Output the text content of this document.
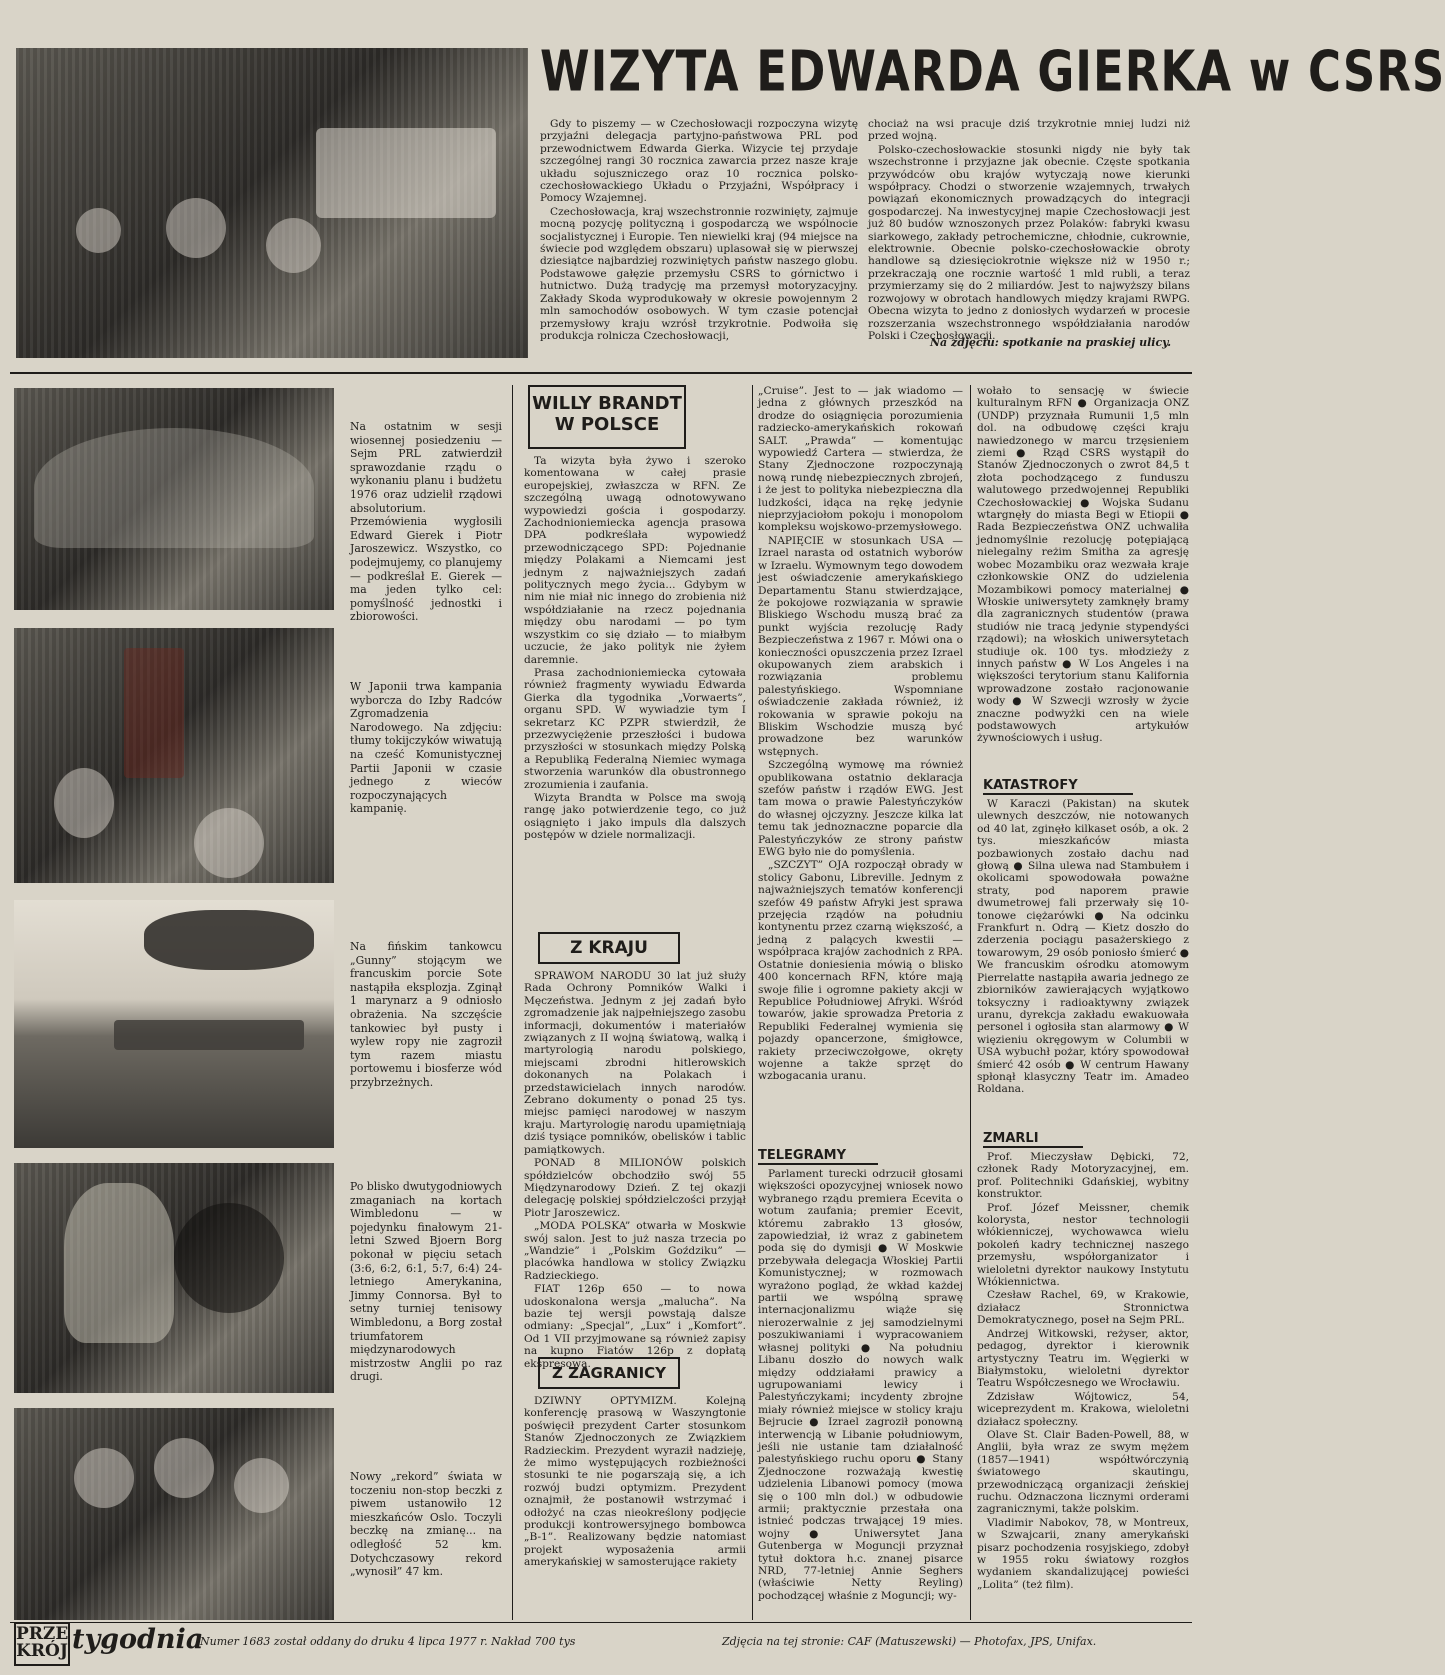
WIZYTA EDWARDA GIERKA w CSRS

Gdy to piszemy — w Czechosłowacji rozpoczyna wizytę przyjaźni delegacja partyjno-państwowa PRL pod przewodnictwem Edwarda Gierka. Wizycie tej przydaje szczególnej rangi 30 rocznica zawarcia przez nasze kraje układu sojuszniczego oraz 10 rocznica polsko-czechosłowackiego Układu o Przyjaźni, Współpracy i Pomocy Wzajemnej.

Czechosłowacja, kraj wszechstronnie rozwinięty, zajmuje mocną pozycję polityczną i gospodarczą we wspólnocie socjalistycznej i Europie. Ten niewielki kraj (94 miejsce na świecie pod względem obszaru) uplasował się w pierwszej dziesiątce najbardziej rozwiniętych państw naszego globu. Podstawowe gałęzie przemysłu CSRS to górnictwo i hutnictwo. Dużą tradycję ma przemysł motoryzacyjny. Zakłady Skoda wyprodukowały w okresie powojennym 2 mln samochodów osobowych. W tym czasie potencjał przemysłowy kraju wzrósł trzykrotnie. Podwoiła się produkcja rolnicza Czechosłowacji,

chociaż na wsi pracuje dziś trzykrotnie mniej ludzi niż przed wojną.

Polsko-czechosłowackie stosunki nigdy nie były tak wszechstronne i przyjazne jak obecnie. Częste spotkania przywódców obu krajów wytyczają nowe kierunki współpracy. Chodzi o stworzenie wzajemnych, trwałych powiązań ekonomicznych prowadzących do integracji gospodarczej. Na inwestycyjnej mapie Czechosłowacji jest już 80 budów wznoszonych przez Polaków: fabryki kwasu siarkowego, zakłady petrochemiczne, chłodnie, cukrownie, elektrownie. Obecnie polsko-czechosłowackie obroty handlowe są dziesięciokrotnie większe niż w 1950 r.; przekraczają one rocznie wartość 1 mld rubli, a teraz przymierzamy się do 2 miliardów. Jest to najwyższy bilans rozwojowy w obrotach handlowych między krajami RWPG. Obecna wizyta to jedno z doniosłych wydarzeń w procesie rozszerzania wszechstronnego współdziałania narodów Polski i Czechosłowacji.

Na zdjęciu: spotkanie na praskiej ulicy.
Na ostatnim w sesji wiosennej posiedzeniu — Sejm PRL zatwierdził sprawozdanie rządu o wykonaniu planu i budżetu 1976 oraz udzielił rządowi absolutorium. Przemówienia wygłosili Edward Gierek i Piotr Jaroszewicz. Wszystko, co podejmujemy, co planujemy — podkreślał E. Gierek — ma jeden tylko cel: pomyślność jednostki i zbiorowości.
W Japonii trwa kampania wyborcza do Izby Radców Zgromadzenia Narodowego. Na zdjęciu: tłumy tokijczyków wiwatują na cześć Komunistycznej Partii Japonii w czasie jednego z wieców rozpoczynających kampanię.
Na fińskim tankowcu „Gunny” stojącym we francuskim porcie Sote nastąpiła eksplozja. Zginął 1 marynarz a 9 odniosło obrażenia. Na szczęście tankowiec był pusty i wylew ropy nie zagroził tym razem miastu portowemu i biosferze wód przybrzeżnych.
Po blisko dwutygodniowych zmaganiach na kortach Wimbledonu — w pojedynku finałowym 21-letni Szwed Bjoern Borg pokonał w pięciu setach (3:6, 6:2, 6:1, 5:7, 6:4) 24-letniego Amerykanina, Jimmy Connorsa. Był to setny turniej tenisowy Wimbledonu, a Borg został triumfatorem międzynarodowych mistrzostw Anglii po raz drugi.
Nowy „rekord” świata w toczeniu non-stop beczki z piwem ustanowiło 12 mieszkańców Oslo. Toczyli beczkę na zmianę... na odległość 52 km. Dotychczasowy rekord „wynosił” 47 km.
WILLY BRANDT
W POLSCE

Ta wizyta była żywo i szeroko komentowana w całej prasie europejskiej, zwłaszcza w RFN. Ze szczególną uwagą odnotowywano wypowiedzi gościa i gospodarzy. Zachodnioniemiecka agencja prasowa DPA podkreślała wypowiedź przewodniczącego SPD: Pojednanie między Polakami a Niemcami jest jednym z najważniejszych zadań politycznych mego życia... Gdybym w nim nie miał nic innego do zrobienia niż współdziałanie na rzecz pojednania między obu narodami — po tym wszystkim co się działo — to miałbym uczucie, że jako polityk nie żyłem daremnie.

Prasa zachodnioniemiecka cytowała również fragmenty wywiadu Edwarda Gierka dla tygodnika „Vorwaerts”, organu SPD. W wywiadzie tym I sekretarz KC PZPR stwierdził, że przezwyciężenie przeszłości i budowa przyszłości w stosunkach między Polską a Republiką Federalną Niemiec wymaga stworzenia warunków dla obustronnego zrozumienia i zaufania.

Wizyta Brandta w Polsce ma swoją rangę jako potwierdzenie tego, co już osiągnięto i jako impuls dla dalszych postępów w dziele normalizacji.

Z KRAJU

SPRAWOM NARODU 30 lat już służy Rada Ochrony Pomników Walki i Męczeństwa. Jednym z jej zadań było zgromadzenie jak najpełniejszego zasobu informacji, dokumentów i materiałów związanych z II wojną światową, walką i martyrologią narodu polskiego, miejscami zbrodni hitlerowskich dokonanych na Polakach i przedstawicielach innych narodów. Zebrano dokumenty o ponad 25 tys. miejsc pamięci narodowej w naszym kraju. Martyrologię narodu upamiętniają dziś tysiące pomników, obelisków i tablic pamiątkowych.

PONAD 8 MILIONÓW polskich spółdzielców obchodziło swój 55 Międzynarodowy Dzień. Z tej okazji delegację polskiej spółdzielczości przyjął Piotr Jaroszewicz.

„MODA POLSKA” otwarła w Moskwie swój salon. Jest to już nasza trzecia po „Wandzie” i „Polskim Goździku” — placówka handlowa w stolicy Związku Radzieckiego.

FIAT 126p 650 — to nowa udoskonalona wersja „malucha”. Na bazie tej wersji powstają dalsze odmiany: „Specjal”, „Lux” i „Komfort”. Od 1 VII przyjmowane są również zapisy na kupno Fiatów 126p z dopłatą ekspresową.

Z ZAGRANICY

DZIWNY OPTYMIZM. Kolejną konferencję prasową w Waszyngtonie poświęcił prezydent Carter stosunkom Stanów Zjednoczonych ze Związkiem Radzieckim. Prezydent wyraził nadzieję, że mimo występujących rozbieżności stosunki te nie pogarszają się, a ich rozwój budzi optymizm. Prezydent oznajmił, że postanowił wstrzymać i odłożyć na czas nieokreślony podjęcie produkcji kontrowersyjnego bombowca „B-1”. Realizowany będzie natomiast projekt wyposażenia armii amerykańskiej w samosterujące rakiety

„Cruise”. Jest to — jak wiadomo — jedna z głównych przeszkód na drodze do osiągnięcia porozumienia radziecko-amerykańskich rokowań SALT. „Prawda” — komentując wypowiedź Cartera — stwierdza, że Stany Zjednoczone rozpoczynają nową rundę niebezpiecznych zbrojeń, i że jest to polityka niebezpieczna dla ludzkości, idąca na rękę jedynie nieprzyjaciołom pokoju i monopolom kompleksu wojskowo-przemysłowego.

NAPIĘCIE w stosunkach USA — Izrael narasta od ostatnich wyborów w Izraelu. Wymownym tego dowodem jest oświadczenie amerykańskiego Departamentu Stanu stwierdzające, że pokojowe rozwiązania w sprawie Bliskiego Wschodu muszą brać za punkt wyjścia rezolucję Rady Bezpieczeństwa z 1967 r. Mówi ona o konieczności opuszczenia przez Izrael okupowanych ziem arabskich i rozwiązania problemu palestyńskiego. Wspomniane oświadczenie zakłada również, iż rokowania w sprawie pokoju na Bliskim Wschodzie muszą być prowadzone bez warunków wstępnych.

Szczególną wymowę ma również opublikowana ostatnio deklaracja szefów państw i rządów EWG. Jest tam mowa o prawie Palestyńczyków do własnej ojczyzny. Jeszcze kilka lat temu tak jednoznaczne poparcie dla Palestyńczyków ze strony państw EWG było nie do pomyślenia.

„SZCZYT” OJA rozpoczął obrady w stolicy Gabonu, Libreville. Jednym z najważniejszych tematów konferencji szefów 49 państw Afryki jest sprawa przejęcia rządów na południu kontynentu przez czarną większość, a jedną z palących kwestii — współpraca krajów zachodnich z RPA. Ostatnie doniesienia mówią o blisko 400 koncernach RFN, które mają swoje filie i ogromne pakiety akcji w Republice Południowej Afryki. Wśród towarów, jakie sprowadza Pretoria z Republiki Federalnej wymienia się pojazdy opancerzone, śmigłowce, rakiety przeciwczołgowe, okręty wojenne a także sprzęt do wzbogacania uranu.

TELEGRAMY

Parlament turecki odrzucił głosami większości opozycyjnej wniosek nowo wybranego rządu premiera Ecevita o wotum zaufania; premier Ecevit, któremu zabrakło 13 głosów, zapowiedział, iż wraz z gabinetem poda się do dymisji ● W Moskwie przebywała delegacja Włoskiej Partii Komunistycznej; w rozmowach wyrażono pogląd, że wkład każdej partii we wspólną sprawę internacjonalizmu wiąże się nierozerwalnie z jej samodzielnymi poszukiwaniami i wypracowaniem własnej polityki ● Na południu Libanu doszło do nowych walk między oddziałami prawicy a ugrupowaniami lewicy i Palestyńczykami; incydenty zbrojne miały również miejsce w stolicy kraju Bejrucie ● Izrael zagroził ponowną interwencją w Libanie południowym, jeśli nie ustanie tam działalność palestyńskiego ruchu oporu ● Stany Zjednoczone rozważają kwestię udzielenia Libanowi pomocy (mowa się o 100 mln dol.) w odbudowie armii; praktycznie przestała ona istnieć podczas trwającej 19 mies. wojny ● Uniwersytet Jana Gutenberga w Moguncji przyznał tytuł doktora h.c. znanej pisarce NRD, 77-letniej Annie Seghers (właściwie Netty Reyling) pochodzącej właśnie z Moguncji; wy-

wołało to sensację w świecie kulturalnym RFN ● Organizacja ONZ (UNDP) przyznała Rumunii 1,5 mln dol. na odbudowę części kraju nawiedzonego w marcu trzęsieniem ziemi ● Rząd CSRS wystąpił do Stanów Zjednoczonych o zwrot 84,5 t złota pochodzącego z funduszu walutowego przedwojennej Republiki Czechosłowackiej ● Wojska Sudanu wtargnęły do miasta Begi w Etiopii ● Rada Bezpieczeństwa ONZ uchwaliła jednomyślnie rezolucję potępiającą nielegalny reżim Smitha za agresję wobec Mozambiku oraz wezwała kraje członkowskie ONZ do udzielenia Mozambikowi pomocy materialnej ● Włoskie uniwersytety zamknęły bramy dla zagranicznych studentów (prawa studiów nie tracą jedynie stypendyści rządowi); na włoskich uniwersytetach studiuje ok. 100 tys. młodzieży z innych państw ● W Los Angeles i na większości terytorium stanu Kalifornia wprowadzone zostało racjonowanie wody ● W Szwecji wzrosły w życie znaczne podwyżki cen na wiele podstawowych artykułów żywnościowych i usług.

KATASTROFY

W Karaczi (Pakistan) na skutek ulewnych deszczów, nie notowanych od 40 lat, zginęło kilkaset osób, a ok. 2 tys. mieszkańców miasta pozbawionych zostało dachu nad głową ● Silna ulewa nad Stambułem i okolicami spowodowała poważne straty, pod naporem prawie dwumetrowej fali przerwały się 10-tonowe ciężarówki ● Na odcinku Frankfurt n. Odrą — Kietz doszło do zderzenia pociągu pasażerskiego z towarowym, 29 osób poniosło śmierć ● We francuskim ośrodku atomowym Pierrelatte nastąpiła awaria jednego ze zbiorników zawierających wyjątkowo toksyczny i radioaktywny związek uranu, dyrekcja zakładu ewakuowała personel i ogłosiła stan alarmowy ● W więzieniu okręgowym w Columbii w USA wybuchł pożar, który spowodował śmierć 42 osób ● W centrum Hawany spłonął klasyczny Teatr im. Amadeo Roldana.

ZMARLI

Prof. Mieczysław Dębicki, 72, członek Rady Motoryzacyjnej, em. prof. Politechniki Gdańskiej, wybitny konstruktor.

Prof. Józef Meissner, chemik kolorysta, nestor technologii włókienniczej, wychowawca wielu pokoleń kadry technicznej naszego przemysłu, współorganizator i wieloletni dyrektor naukowy Instytutu Włókiennictwa.

Czesław Rachel, 69, w Krakowie, działacz Stronnictwa Demokratycznego, poseł na Sejm PRL.

Andrzej Witkowski, reżyser, aktor, pedagog, dyrektor i kierownik artystyczny Teatru im. Węgierki w Białymstoku, wieloletni dyrektor Teatru Współczesnego we Wrocławiu.

Zdzisław Wójtowicz, 54, wiceprezydent m. Krakowa, wieloletni działacz społeczny.

Olave St. Clair Baden-Powell, 88, w Anglii, była wraz ze swym mężem (1857—1941) współtwórczynią światowego skautingu, przewodniczącą organizacji żeńskiej ruchu. Odznaczona licznymi orderami zagranicznymi, także polskim.

Vladimir Nabokov, 78, w Montreux, w Szwajcarii, znany amerykański pisarz pochodzenia rosyjskiego, zdobył w 1955 roku światowy rozgłos wydaniem skandalizującej powieści „Lolita” (też film).

PRZE
KRÓJ tygodnia
Numer 1683 został oddany do druku 4 lipca 1977 r. Nakład 700 tys	Zdjęcia na tej stronie: CAF (Matuszewski) — Photofax, JPS, Unifax.
